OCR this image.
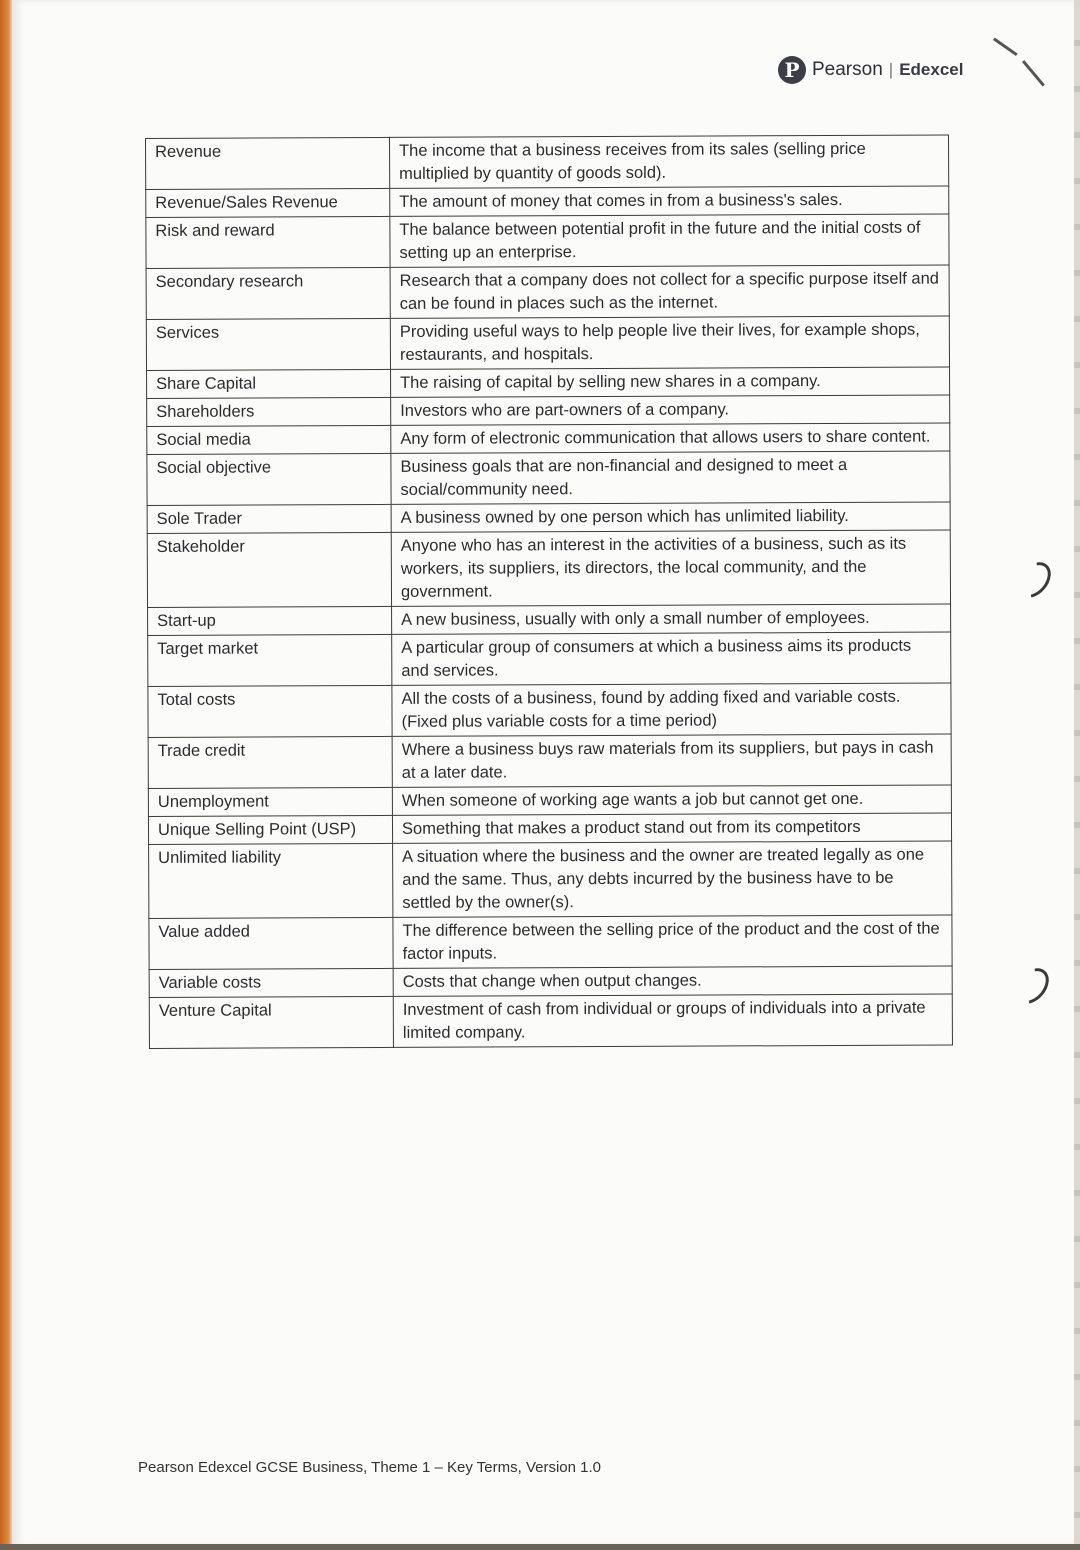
P Pearson | Edexcel
Revenue	The income that a business receives from its sales (selling price multiplied by quantity of goods sold).
Revenue/Sales Revenue	The amount of money that comes in from a business's sales.
Risk and reward	The balance between potential profit in the future and the initial costs of setting up an enterprise.
Secondary research	Research that a company does not collect for a specific purpose itself and can be found in places such as the internet.
Services	Providing useful ways to help people live their lives, for example shops, restaurants, and hospitals.
Share Capital	The raising of capital by selling new shares in a company.
Shareholders	Investors who are part-owners of a company.
Social media	Any form of electronic communication that allows users to share content.
Social objective	Business goals that are non-financial and designed to meet a social/community need.
Sole Trader	A business owned by one person which has unlimited liability.
Stakeholder	Anyone who has an interest in the activities of a business, such as its workers, its suppliers, its directors, the local community, and the government.
Start-up	A new business, usually with only a small number of employees.
Target market	A particular group of consumers at which a business aims its products and services.
Total costs	All the costs of a business, found by adding fixed and variable costs. (Fixed plus variable costs for a time period)
Trade credit	Where a business buys raw materials from its suppliers, but pays in cash at a later date.
Unemployment	When someone of working age wants a job but cannot get one.
Unique Selling Point (USP)	Something that makes a product stand out from its competitors
Unlimited liability	A situation where the business and the owner are treated legally as one and the same. Thus, any debts incurred by the business have to be settled by the owner(s).
Value added	The difference between the selling price of the product and the cost of the factor inputs.
Variable costs	Costs that change when output changes.
Venture Capital	Investment of cash from individual or groups of individuals into a private limited company.
Pearson Edexcel GCSE Business, Theme 1 – Key Terms, Version 1.0
